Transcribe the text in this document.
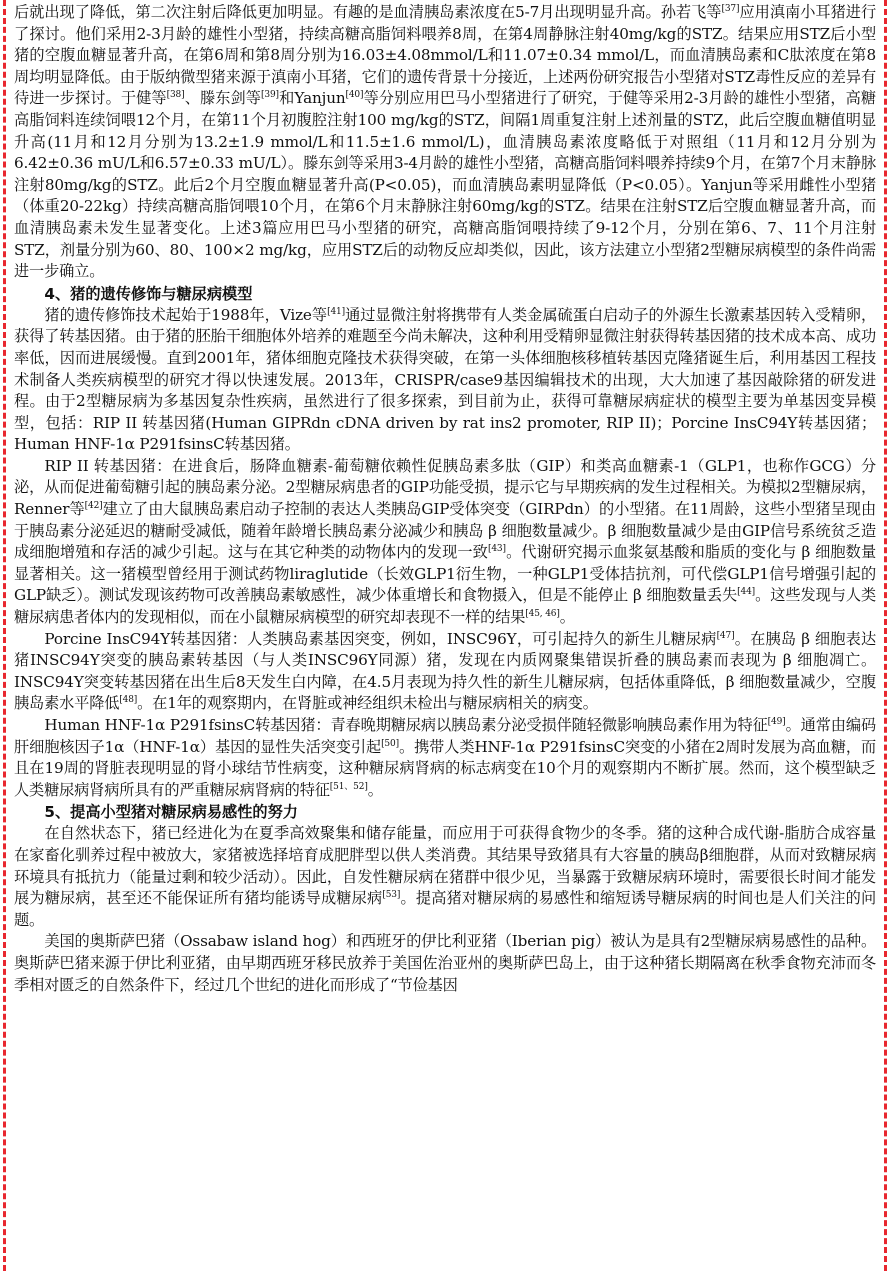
后就出现了降低，第二次注射后降低更加明显。有趣的是血清胰岛素浓度在5-7月出现明显升高。孙若飞等[37]应用滇南小耳猪进行了探讨。他们采用2-3月龄的雄性小型猪，持续高糖高脂饲料喂养8周，在第4周静脉注射40mg/kg的STZ。结果应用STZ后小型猪的空腹血糖显著升高，在第6周和第8周分别为16.03±4.08mmol/L和11.07±0.34 mmol/L，而血清胰岛素和C肽浓度在第8周均明显降低。由于版纳微型猪来源于滇南小耳猪，它们的遗传背景十分接近，上述两份研究报告小型猪对STZ毒性反应的差异有待进一步探讨。于健等[38]、滕东剑等[39]和Yanjun[40]等分别应用巴马小型猪进行了研究，于健等采用2-3月龄的雄性小型猪，高糖高脂饲料连续饲喂12个月，在第11个月初腹腔注射100 mg/kg的STZ，间隔1周重复注射上述剂量的STZ，此后空腹血糖值明显升高(11月和12月分别为13.2±1.9 mmol/L和11.5±1.6 mmol/L)，血清胰岛素浓度略低于对照组（11月和12月分别为6.42±0.36 mU/L和6.57±0.33 mU/L）。滕东剑等采用3-4月龄的雄性小型猪，高糖高脂饲料喂养持续9个月，在第7个月末静脉注射80mg/kg的STZ。此后2个月空腹血糖显著升高(P<0.05)，而血清胰岛素明显降低（P<0.05）。Yanjun等采用雌性小型猪（体重20-22kg）持续高糖高脂饲喂10个月，在第6个月末静脉注射60mg/kg的STZ。结果在注射STZ后空腹血糖显著升高，而血清胰岛素未发生显著变化。上述3篇应用巴马小型猪的研究，高糖高脂饲喂持续了9-12个月，分别在第6、7、11个月注射STZ，剂量分别为60、80、100×2 mg/kg，应用STZ后的动物反应却类似，因此，该方法建立小型猪2型糖尿病模型的条件尚需进一步确立。

4、猪的遗传修饰与糖尿病模型

猪的遗传修饰技术起始于1988年，Vize等[41]通过显微注射将携带有人类金属硫蛋白启动子的外源生长激素基因转入受精卵，获得了转基因猪。由于猪的胚胎干细胞体外培养的难题至今尚未解决，这种利用受精卵显微注射获得转基因猪的技术成本高、成功率低，因而进展缓慢。直到2001年，猪体细胞克隆技术获得突破，在第一头体细胞核移植转基因克隆猪诞生后，利用基因工程技术制备人类疾病模型的研究才得以快速发展。2013年，CRISPR/case9基因编辑技术的出现，大大加速了基因敲除猪的研发进程。由于2型糖尿病为多基因复杂性疾病，虽然进行了很多探索，到目前为止，获得可靠糖尿病症状的模型主要为单基因变异模型，包括：RIP II 转基因猪(Human GIPRdn cDNA driven by rat ins2 promoter, RIP II)；Porcine InsC94Y转基因猪；Human HNF-1α P291fsinsC转基因猪。

RIP II 转基因猪：在进食后，肠降血糖素-葡萄糖依赖性促胰岛素多肽（GIP）和类高血糖素-1（GLP1，也称作GCG）分泌，从而促进葡萄糖引起的胰岛素分泌。2型糖尿病患者的GIP功能受损，提示它与早期疾病的发生过程相关。为模拟2型糖尿病，Renner等[42]建立了由大鼠胰岛素启动子控制的表达人类胰岛GIP受体突变（GIRPdn）的小型猪。在11周龄，这些小型猪呈现由于胰岛素分泌延迟的糖耐受减低，随着年龄增长胰岛素分泌减少和胰岛 β 细胞数量减少。β 细胞数量减少是由GIP信号系统贫乏造成细胞增殖和存活的减少引起。这与在其它种类的动物体内的发现一致[43]。代谢研究揭示血浆氨基酸和脂质的变化与 β 细胞数量显著相关。这一猪模型曾经用于测试药物liraglutide（长效GLP1衍生物，一种GLP1受体拮抗剂，可代偿GLP1信号增强引起的GLP缺乏）。测试发现该药物可改善胰岛素敏感性，减少体重增长和食物摄入，但是不能停止 β 细胞数量丢失[44]。这些发现与人类糖尿病患者体内的发现相似，而在小鼠糖尿病模型的研究却表现不一样的结果[45, 46]。

Porcine InsC94Y转基因猪：人类胰岛素基因突变，例如，INSC96Y，可引起持久的新生儿糖尿病[47]。在胰岛 β 细胞表达猪INSC94Y突变的胰岛素转基因（与人类INSC96Y同源）猪，发现在内质网聚集错误折叠的胰岛素而表现为 β 细胞凋亡。INSC94Y突变转基因猪在出生后8天发生白内障，在4.5月表现为持久性的新生儿糖尿病，包括体重降低，β 细胞数量减少，空腹胰岛素水平降低[48]。在1年的观察期内，在肾脏或神经组织未检出与糖尿病相关的病变。

Human HNF-1α P291fsinsC转基因猪：青春晚期糖尿病以胰岛素分泌受损伴随轻微影响胰岛素作用为特征[49]。通常由编码肝细胞核因子1α（HNF-1α）基因的显性失活突变引起[50]。携带人类HNF-1α P291fsinsC突变的小猪在2周时发展为高血糖，而且在19周的肾脏表现明显的肾小球结节性病变，这种糖尿病肾病的标志病变在10个月的观察期内不断扩展。然而，这个模型缺乏人类糖尿病肾病所具有的严重糖尿病肾病的特征[51、52]。

5、提高小型猪对糖尿病易感性的努力

在自然状态下，猪已经进化为在夏季高效聚集和储存能量，而应用于可获得食物少的冬季。猪的这种合成代谢-脂肪合成容量在家畜化驯养过程中被放大，家猪被选择培育成肥胖型以供人类消费。其结果导致猪具有大容量的胰岛β细胞群，从而对致糖尿病环境具有抵抗力（能量过剩和较少活动）。因此，自发性糖尿病在猪群中很少见，当暴露于致糖尿病环境时，需要很长时间才能发展为糖尿病，甚至还不能保证所有猪均能诱导成糖尿病[53]。提高猪对糖尿病的易感性和缩短诱导糖尿病的时间也是人们关注的问题。

美国的奥斯萨巴猪（Ossabaw island hog）和西班牙的伊比利亚猪（Iberian pig）被认为是具有2型糖尿病易感性的品种。奥斯萨巴猪来源于伊比利亚猪，由早期西班牙移民放养于美国佐治亚州的奥斯萨巴岛上，由于这种猪长期隔离在秋季食物充沛而冬季相对匮乏的自然条件下，经过几个世纪的进化而形成了“节俭基因
